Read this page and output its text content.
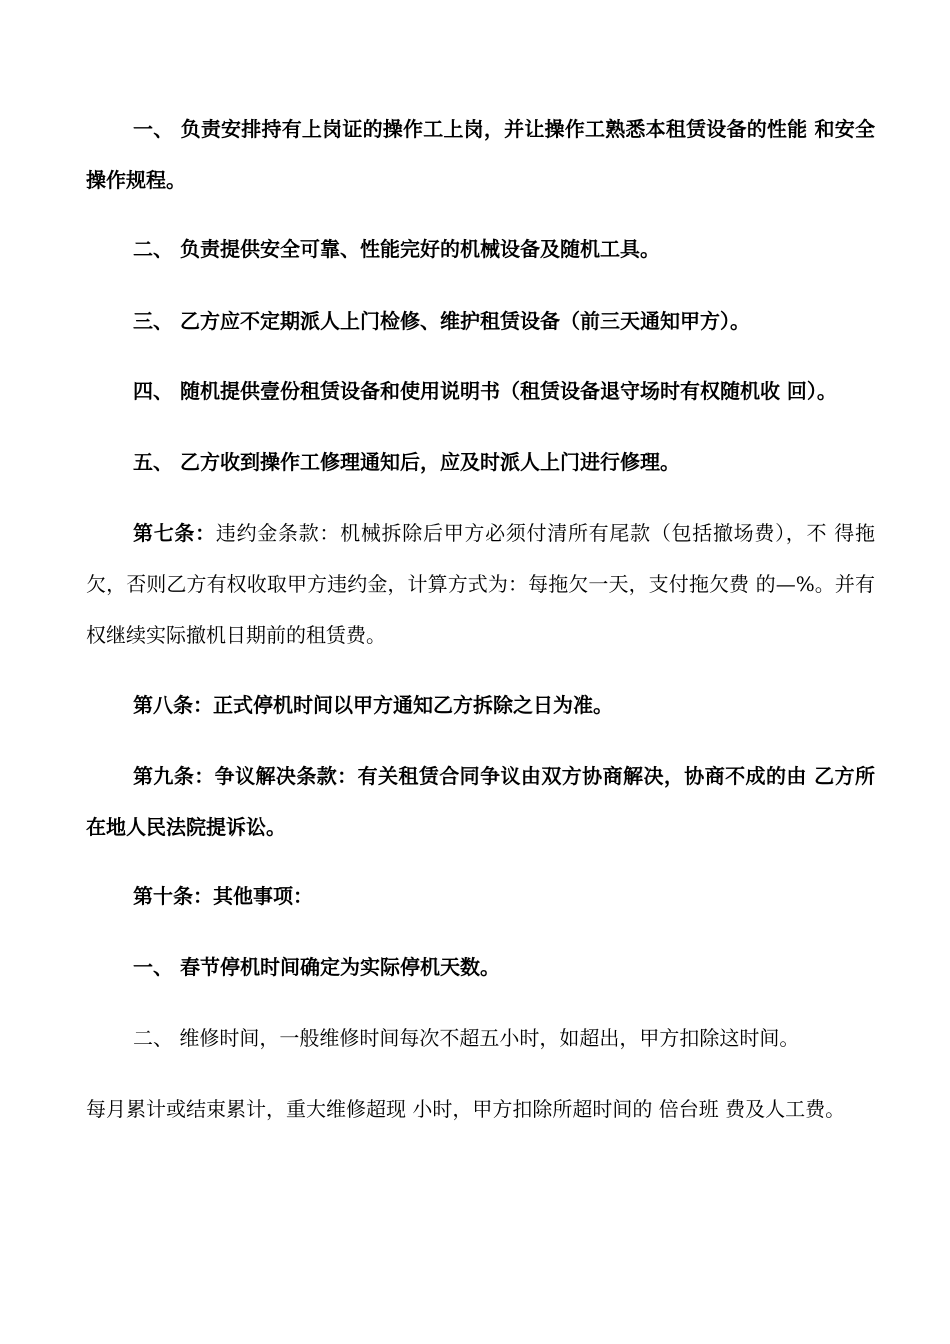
一、 负责安排持有上岗证的操作工上岗，并让操作工熟悉本租赁设备的性能 和安全操作规程。

二、 负责提供安全可靠、性能完好的机械设备及随机工具。

三、 乙方应不定期派人上门检修、维护租赁设备（前三天通知甲方）。

四、 随机提供壹份租赁设备和使用说明书（租赁设备退守场时有权随机收 回）。

五、 乙方收到操作工修理通知后，应及时派人上门进行修理。

第七条：违约金条款：机械拆除后甲方必须付清所有尾款（包括撤场费），不 得拖欠，否则乙方有权收取甲方违约金，计算方式为：每拖欠一天，支付拖欠费 的—%。并有权继续实际撤机日期前的租赁费。

第八条：正式停机时间以甲方通知乙方拆除之日为准。

第九条：争议解决条款：有关租赁合同争议由双方协商解决，协商不成的由 乙方所在地人民法院提诉讼。

第十条：其他事项：

一、 春节停机时间确定为实际停机天数。

二、 维修时间，一般维修时间每次不超五小时，如超出，甲方扣除这时间。

每月累计或结束累计，重大维修超现 小时，甲方扣除所超时间的 倍台班 费及人工费。
